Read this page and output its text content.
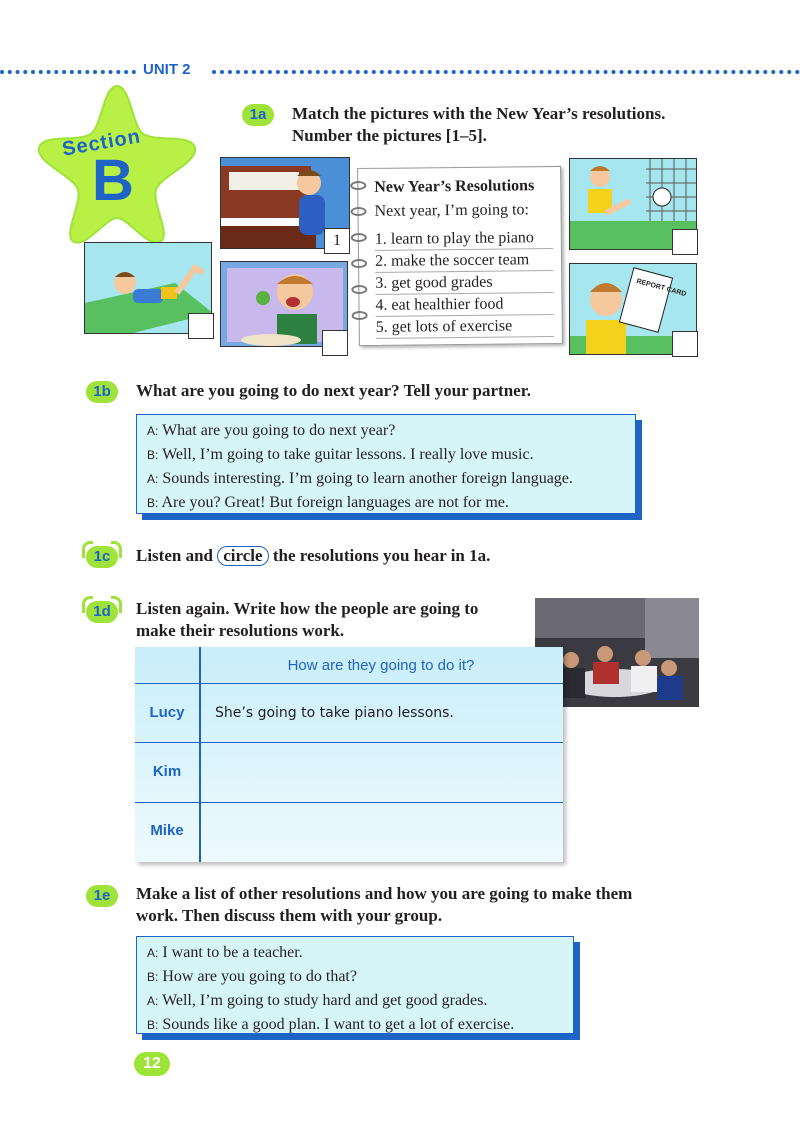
UNIT 2
Section
B
1a	Match the pictures with the New Year’s resolutions.
Number the pictures [1–5].
1
New Year’s Resolutions
Next year, I’m going to:
1. learn to play the piano
2. make the soccer team
3. get good grades
4. eat healthier food
5. get lots of exercise
REPORT CARD
1b	What are you going to do next year? Tell your partner.
A: What are you going to do next year?
B: Well, I’m going to take guitar lessons. I really love music.
A: Sounds interesting. I’m going to learn another foreign language.
B: Are you? Great! But foreign languages are not for me.
1c	Listen and circle the resolutions you hear in 1a.
1d	Listen again. Write how the people are going to
make their resolutions work.
How are they going to do it?
Lucy	She’s going to take piano lessons.
Kim
Mike
1e	Make a list of other resolutions and how you are going to make them
work. Then discuss them with your group.
A: I want to be a teacher.
B: How are you going to do that?
A: Well, I’m going to study hard and get good grades.
B: Sounds like a good plan. I want to get a lot of exercise.
12
